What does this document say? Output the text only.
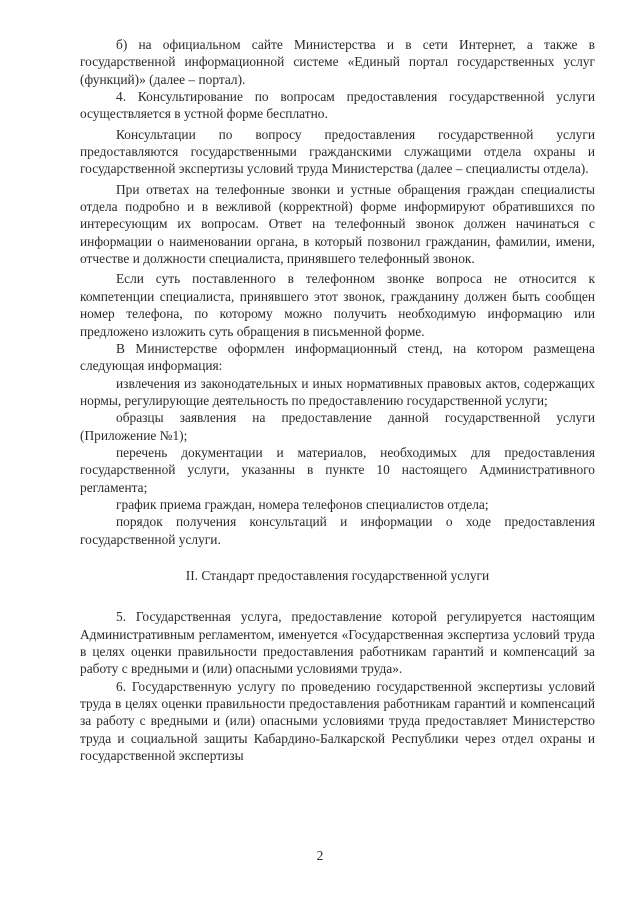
б) на официальном сайте Министерства и в сети Интернет, а также в государственной информационной системе «Единый портал государственных услуг (функций)» (далее – портал).

4. Консультирование по вопросам предоставления государственной услуги осуществляется в устной форме бесплатно.

Консультации по вопросу предоставления государственной услуги предоставляются государственными гражданскими служащими отдела охраны и государственной экспертизы условий труда Министерства (далее – специалисты отдела).

При ответах на телефонные звонки и устные обращения граждан специалисты отдела подробно и в вежливой (корректной) форме информируют обратившихся по интересующим их вопросам. Ответ на телефонный звонок должен начинаться с информации о наименовании органа, в который позвонил гражданин, фамилии, имени, отчестве и должности специалиста, принявшего телефонный звонок.

Если суть поставленного в телефонном звонке вопроса не относится к компетенции специалиста, принявшего этот звонок, гражданину должен быть сообщен номер телефона, по которому можно получить необходимую информацию или предложено изложить суть обращения в письменной форме.

В Министерстве оформлен информационный стенд, на котором размещена следующая информация:

извлечения из законодательных и иных нормативных правовых актов, содержащих нормы, регулирующие деятельность по предоставлению государственной услуги;

образцы заявления на предоставление данной государственной услуги (Приложение №1);

перечень документации и материалов, необходимых для предоставления государственной услуги, указанны в пункте 10 настоящего Административного регламента;

график приема граждан, номера телефонов специалистов отдела;

порядок получения консультаций и информации о ходе предоставления государственной услуги.

II. Стандарт предоставления государственной услуги

5. Государственная услуга, предоставление которой регулируется настоящим Административным регламентом, именуется «Государственная экспертиза условий труда в целях оценки правильности предоставления работникам гарантий и компенсаций за работу с вредными и (или) опасными условиями труда».

6. Государственную услугу по проведению государственной экспертизы условий труда в целях оценки правильности предоставления работникам гарантий и компенсаций за работу с вредными и (или) опасными условиями труда предоставляет Министерство труда и социальной защиты Кабардино-Балкарской Республики через отдел охраны и государственной экспертизы

2
